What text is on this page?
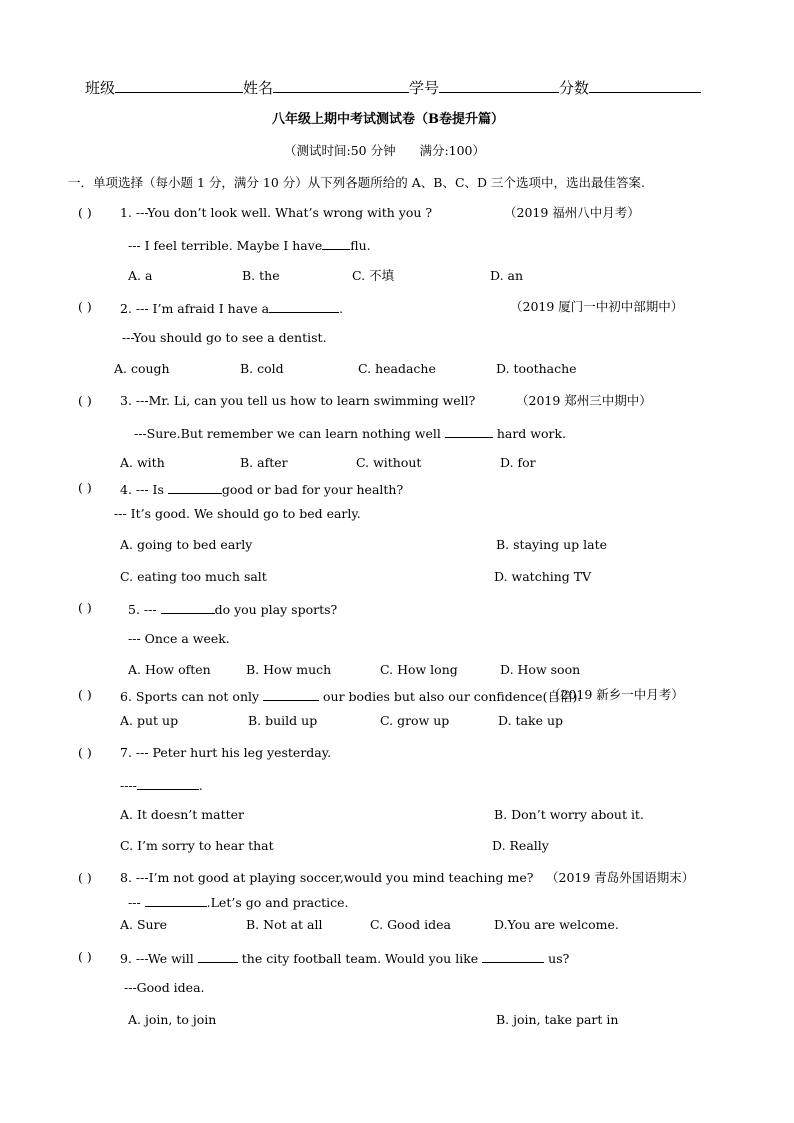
班级	姓名	学号	分数
八年级上期中考试测试卷（B卷提升篇）
（测试时间:50 分钟 满分:100）
一．单项选择（每小题 1 分，满分 10 分）从下列各题所给的 A、B、C、D 三个选项中，选出最佳答案.
( ) 1. ---You don’t look well. What’s wrong with you ?	（2019 福州八中月考）
--- I feel terrible. Maybe I have flu.
A. a	B. the	C. 不填	D. an
( ) 2. --- I’m afraid I have a	.	（2019 厦门一中初中部期中）
---You should go to see a dentist.
A. cough	B. cold	C. headache	D. toothache
( ) 3. ---Mr. Li, can you tell us how to learn swimming well?	（2019 郑州三中期中）
---Sure.But remember we can learn nothing well	hard work.
A. with	B. after	C. without	D. for
( ) 4. --- Is	good or bad for your health?
--- It’s good. We should go to bed early.
A. going to bed early	B. staying up late
C. eating too much salt	D. watching TV
( )	5. ---	do you play sports?
--- Once a week.
A. How often	B. How much	C. How long	D. How soon
( ) 6. Sports can not only	our bodies but also our confidence(自信).
（2019 新乡一中月考）
A. put up	B. build up	C. grow up	D. take up
( ) 7. --- Peter hurt his leg yesterday.
----	.
A. It doesn’t matter	B. Don’t worry about it.
C. I’m sorry to hear that	D. Really
( ) 8. ---I’m not good at playing soccer,would you mind teaching me? （2019 青岛外国语期末）
---	.Let’s go and practice.
A. Sure	B. Not at all	C. Good idea	D.You are welcome.
( ) 9. ---We will	the city football team. Would you like	us?
---Good idea.
A. join, to join	B. join, take part in
